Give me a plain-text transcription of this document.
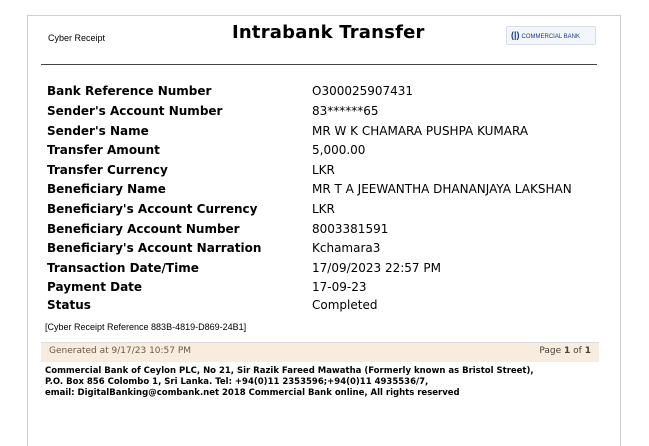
Cyber Receipt	Intrabank Transfer	(|) COMMERCIAL BANK
Bank Reference Number	O300025907431
Sender's Account Number	83******65
Sender's Name	MR W K CHAMARA PUSHPA KUMARA
Transfer Amount	5,000.00
Transfer Currency	LKR
Beneficiary Name	MR T A JEEWANTHA DHANANJAYA LAKSHAN
Beneficiary's Account Currency	LKR
Beneficiary Account Number	8003381591
Beneficiary's Account Narration	Kchamara3
Transaction Date/Time	17/09/2023 22:57 PM
Payment Date	17-09-23
Status	Completed
[Cyber Receipt Reference 883B-4819-D869-24B1]
Generated at 9/17/23 10:57 PM	Page 1 of 1
Commercial Bank of Ceylon PLC, No 21, Sir Razik Fareed Mawatha (Formerly known as Bristol Street),
P.O. Box 856 Colombo 1, Sri Lanka. Tel: +94(0)11 2353596;+94(0)11 4935536/7,
email: DigitalBanking@combank.net 2018 Commercial Bank online, All rights reserved
